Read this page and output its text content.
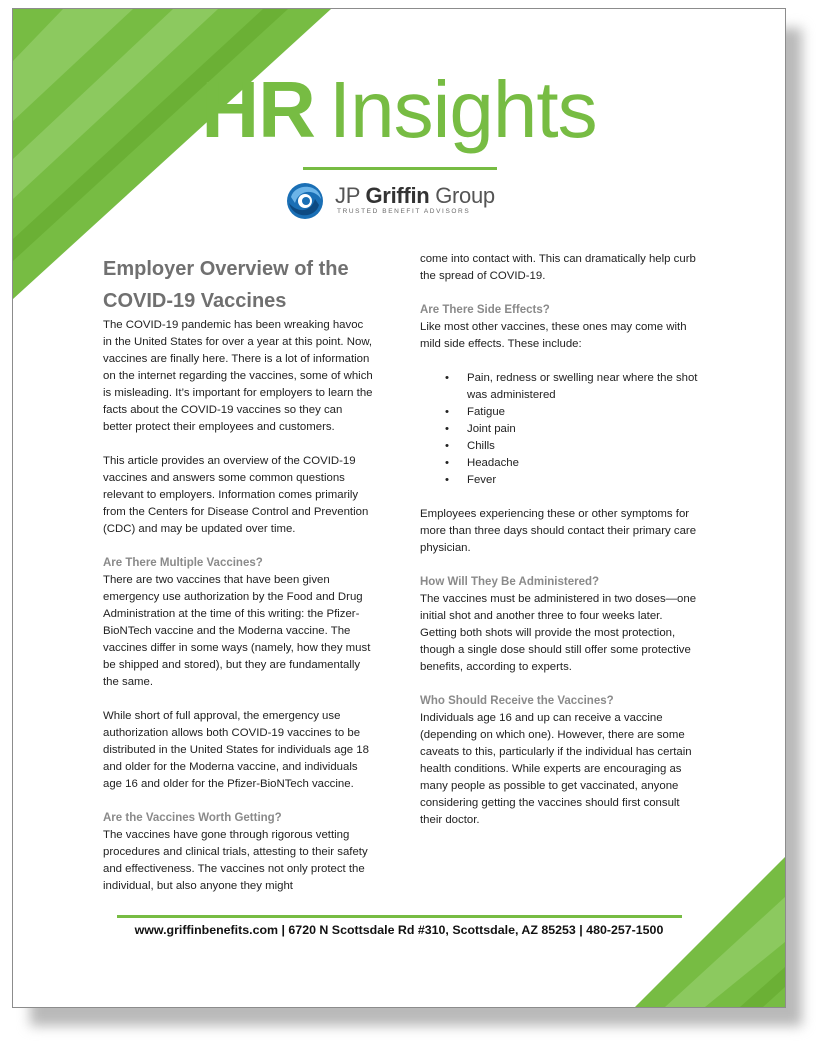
HR Insights
JP Griffin Group
TRUSTED BENEFIT ADVISORS
Employer Overview of the COVID-19 Vaccines

The COVID-19 pandemic has been wreaking havoc in the United States for over a year at this point. Now, vaccines are finally here. There is a lot of information on the internet regarding the vaccines, some of which is misleading. It’s important for employers to learn the facts about the COVID-19 vaccines so they can better protect their employees and customers.

This article provides an overview of the COVID-19 vaccines and answers some common questions relevant to employers. Information comes primarily from the Centers for Disease Control and Prevention (CDC) and may be updated over time.

Are There Multiple Vaccines?

There are two vaccines that have been given emergency use authorization by the Food and Drug Administration at the time of this writing: the Pfizer-BioNTech vaccine and the Moderna vaccine. The vaccines differ in some ways (namely, how they must be shipped and stored), but they are fundamentally the same.

While short of full approval, the emergency use authorization allows both COVID-19 vaccines to be distributed in the United States for individuals age 18 and older for the Moderna vaccine, and individuals age 16 and older for the Pfizer-BioNTech vaccine.

Are the Vaccines Worth Getting?

The vaccines have gone through rigorous vetting procedures and clinical trials, attesting to their safety and effectiveness. The vaccines not only protect the individual, but also anyone they might

come into contact with. This can dramatically help curb the spread of COVID-19.

Are There Side Effects?

Like most other vaccines, these ones may come with mild side effects. These include:

• Pain, redness or swelling near where the shot was administered
• Fatigue
• Joint pain
• Chills
• Headache
• Fever

Employees experiencing these or other symptoms for more than three days should contact their primary care physician.

How Will They Be Administered?

The vaccines must be administered in two doses—one initial shot and another three to four weeks later. Getting both shots will provide the most protection, though a single dose should still offer some protective benefits, according to experts.

Who Should Receive the Vaccines?

Individuals age 16 and up can receive a vaccine (depending on which one). However, there are some caveats to this, particularly if the individual has certain health conditions. While experts are encouraging as many people as possible to get vaccinated, anyone considering getting the vaccines should first consult their doctor.

www.griffinbenefits.com | 6720 N Scottsdale Rd #310, Scottsdale, AZ 85253 | 480-257-1500
